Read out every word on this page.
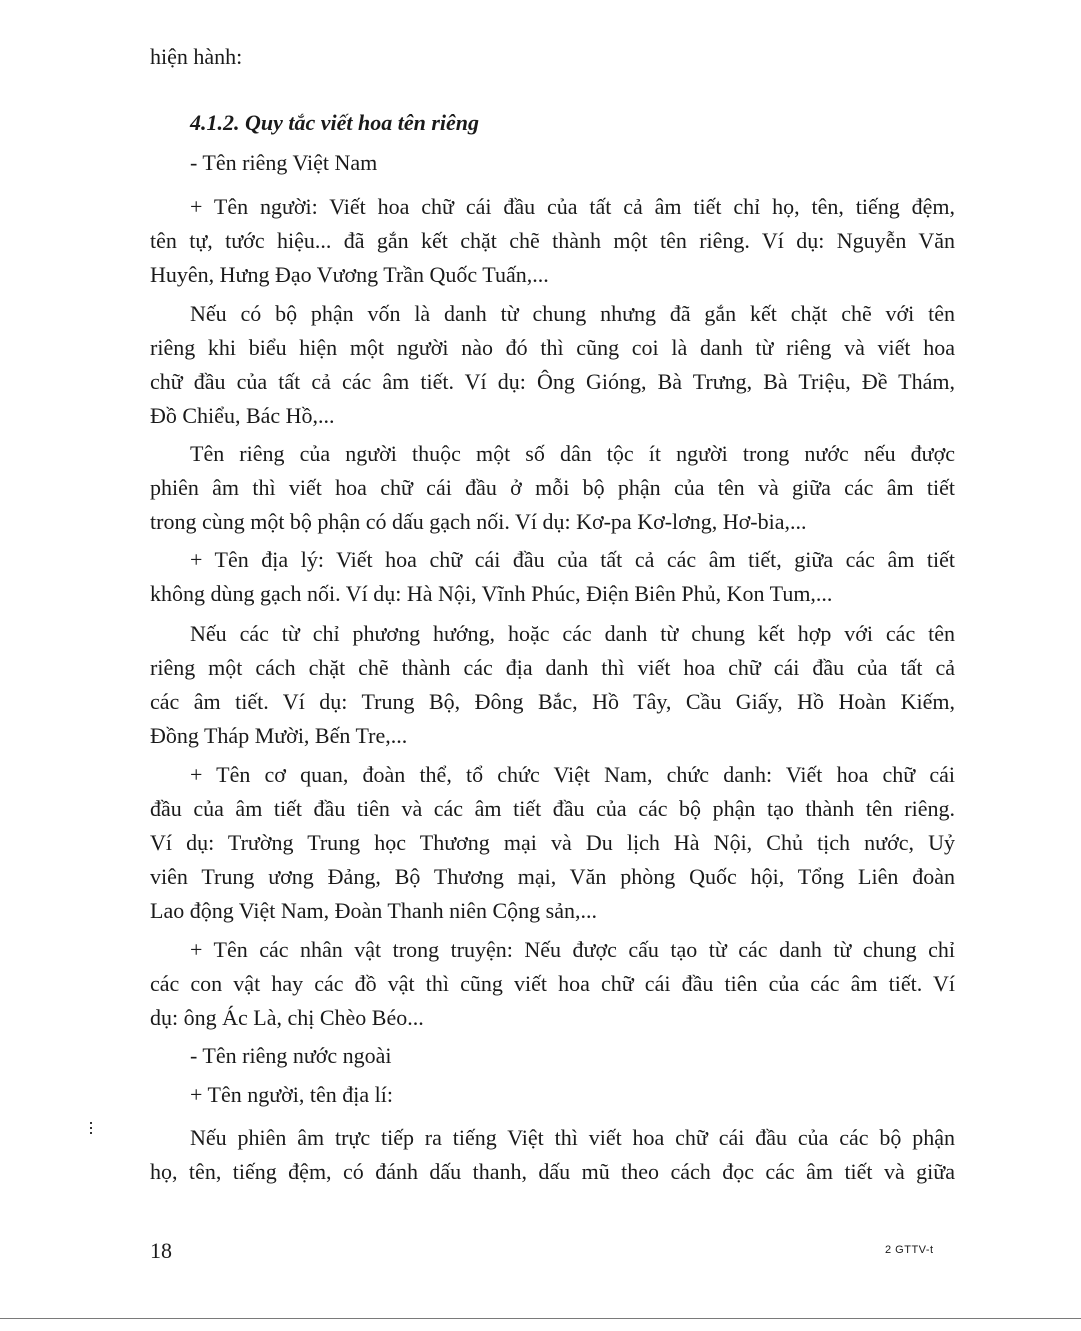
hiện hành:
4.1.2. Quy tắc viết hoa tên riêng
- Tên riêng Việt Nam
+ Tên người: Viết hoa chữ cái đầu của tất cả âm tiết chỉ họ, tên, tiếng đệm,
tên tự, tước hiệu... đã gắn kết chặt chẽ thành một tên riêng. Ví dụ: Nguyễn Văn
Huyên, Hưng Đạo Vương Trần Quốc Tuấn,...
Nếu có bộ phận vốn là danh từ chung nhưng đã gắn kết chặt chẽ với tên
riêng khi biểu hiện một người nào đó thì cũng coi là danh từ riêng và viết hoa
chữ đầu của tất cả các âm tiết. Ví dụ: Ông Gióng, Bà Trưng, Bà Triệu, Đề Thám,
Đồ Chiểu, Bác Hồ,...
Tên riêng của người thuộc một số dân tộc ít người trong nước nếu được
phiên âm thì viết hoa chữ cái đầu ở mỗi bộ phận của tên và giữa các âm tiết
trong cùng một bộ phận có dấu gạch nối. Ví dụ: Kơ-pa Kơ-lơng, Hơ-bia,...
+ Tên địa lý: Viết hoa chữ cái đầu của tất cả các âm tiết, giữa các âm tiết
không dùng gạch nối. Ví dụ: Hà Nội, Vĩnh Phúc, Điện Biên Phủ, Kon Tum,...
Nếu các từ chỉ phương hướng, hoặc các danh từ chung kết hợp với các tên
riêng một cách chặt chẽ thành các địa danh thì viết hoa chữ cái đầu của tất cả
các âm tiết. Ví dụ: Trung Bộ, Đông Bắc, Hồ Tây, Cầu Giấy, Hồ Hoàn Kiếm,
Đồng Tháp Mười, Bến Tre,...
+ Tên cơ quan, đoàn thể, tổ chức Việt Nam, chức danh: Viết hoa chữ cái
đầu của âm tiết đầu tiên và các âm tiết đầu của các bộ phận tạo thành tên riêng.
Ví dụ: Trường Trung học Thương mại và Du lịch Hà Nội, Chủ tịch nước, Uỷ
viên Trung ương Đảng, Bộ Thương mại, Văn phòng Quốc hội, Tổng Liên đoàn
Lao động Việt Nam, Đoàn Thanh niên Cộng sản,...
+ Tên các nhân vật trong truyện: Nếu được cấu tạo từ các danh từ chung chỉ
các con vật hay các đồ vật thì cũng viết hoa chữ cái đầu tiên của các âm tiết. Ví
dụ: ông Ác Là, chị Chèo Béo...
- Tên riêng nước ngoài
+ Tên người, tên địa lí:
Nếu phiên âm trực tiếp ra tiếng Việt thì viết hoa chữ cái đầu của các bộ phận
họ, tên, tiếng đệm, có đánh dấu thanh, dấu mũ theo cách đọc các âm tiết và giữa
18	2 GTTV-t
